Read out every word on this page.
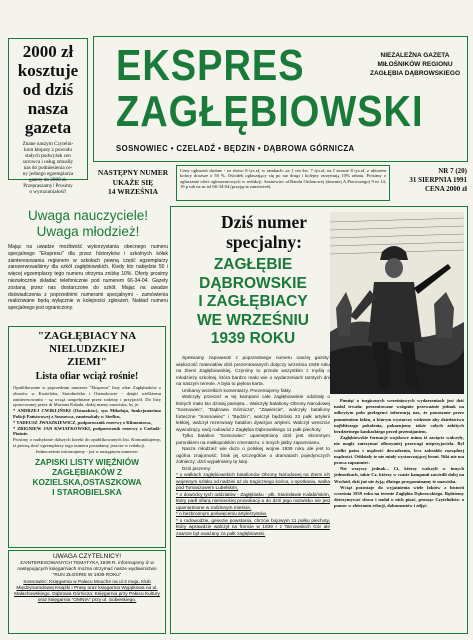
2000 zł
kosztuje
od dziś
nasza
gazeta
Znane naszym Czytelni-
kom kłopoty z powodu
stałych podwyżek cen
surowca i usług zmusiły
nas do podniesienia ce-
ny jednego egzemplarza
gazety do 2000 zł.
Przepraszamy! Prosimy
o wyrozumiałość!
EKSPRES
ZAGŁĘBIOWSKI
NIEZALEŻNA GAZETA
MIŁOŚNIKÓW REGIONU
ZAGŁĘBIA DĄBROWSKIEGO
SOSNOWIEC • CZELADŹ • BĘDZIN • DĄBROWA GÓRNICZA
NASTĘPNY NUMER
UKAŻE SIĘ
14 WRZEŚNIA
Ceny ogłoszeń drobne - za słowo 8 tys.zł, w ramkach: za 1 cm kw. 7 tys.zł, na I stronie 8 tys.zł, z ubiorem kolory droższe o 50 %. Ośrodek ogłaszający się po raz drugi i kolejny otrzymują 10% rabatu. Prosimy o zgłaszanie ofert ogłoszeniowych w redakcji. Sosnowiec ul.Bandu Ordonowej (dawniej A.Pierwszego) 9 m 14, 19 p tub na nr tel 66-34-04 (przyjęcie zamówień).
NR 7 (20)
31 SIERPNIA 1991
CENA 2000 zł
Uwaga nauczyciele!
Uwaga młodzież!
Mając na uwadze możliwość wykorzystania obecnego numeru specjalnego "Ekspresu" dla przez historyków i szkolnych kółek zainteresowania regionem w szkołach pewną część egzemplarzy zarezerwowaliśmy dla szkół zagłębiowskich. Kiedy kto nabędzie 50 i więcej egzemplarzy tego numeru otrzyma zniżkę 10%. Oferty prosimy niezwłocznie składać telefonicznie pod numerem 66-34-04. Gazety zostaną przez nas dostarczone do szkół. Mając na uwadze doświadczenia z poprzednimi numerami specjalnymi - zamówienia realizowane będą wyłącznie w kolejności zgłoszeń. Nakład numeru specjalnego jest ograniczony.
"ZAGŁĘBIACY NA
NIELUDZKIEJ
ZIEMI"
Lista ofiar wciąż rośnie!

Opublikowane w poprzednim numerze "Ekspresu" listy ofiar Zagłębiaków z obozów w Kozielsku, Starobielsku i Ostaszkowie - dzięki wielkiemu zainteresowaniu - są wciąż uzupełniane przez rodziny i przyjaciół. Do listy opracowanej przez dr Mariana Kabała, dodaj mamy nazwiska, by je:

* ANDRZEJ CWIKLIŃSKI (Ostaszków), syn Mikołaja, funkcjonariusz Policji Państwowej z Sosnowca, zamieszkały w Siedlcu,

* TADEUSZ JWASZKIEWICZ, podporucznik rezerwy z Klimontowa,

* ZBIGNIEW JAN KWIATKOWSKI, podporucznik rezerwy z Czeladź-Piaśnie.

Prosimy o nadsyłanie dalszych korekt do opublikowanych list. Komunikujemy, iż pewną ilość egzemplarzy tego numeru posiadamy jeszcze w redakcji.

Jednocześnie informujemy - już w następnym numerze:

ZAPISKI LISTY WIĘŹNIÓW
ZAGŁĘBIAKÓW Z
KOZIELSKA,OSTASZKOWA
I STAROBIELSKA
UWAGA CZYTELNICY!
ZAINTERESOWANYCH TEMATYKĄ 1939 R. informujemy iż w następujących księgarniach można otrzymać nasze wydawnictwo "RUN ZŁOŚRIE W 1939 ROKU"
Sosnowiec: Księgarnia w Pałacu Mouche na ul.3 maja, Klub Międzynarodowej Książki i Prasy oraz księgarnia Wyjątkowa na ul. Małachowskiego. Dąbrowa Górnicza: Księgarnia przy Pałacu Kultury oraz księgarnia "OMNIA" przy ul. Sobieskiego.
Dziś numer
specjalny:
ZAGŁĘBIE
DĄBROWSKIE
I ZAGŁĘBIACY
WE WRZEŚNIU
1939 ROKU

Spełniamy zapowiedź z poprzedniego numeru naszej gazety: większość materiałów dziś prezentowanych dotyczy września 1939 roku na Ziemi Zagłębiowskiej. Czynimy to przede wszystkim z myślą o młodzieży szkolnej, która bardzo mało wie o wydarzeniach tamtych dni na naszym terenie. A była to piękna karta.

Unikamy wszelkich komentarzy. Prezentujemy fakty.

Walczyły przecież w tej kampanii całe zagłębiowskie oddziały o których mało kto dzisiaj pamięta... Walczyły bataliony Obrony Narodowej "Sosnowiec", "Dąbrowa Górnicza", "Zawiercie", walczyły bataliony forteczne "Sosnowiec" i "Będzin", walczył będziński 23 pułk artylerii lekkiej, walczył rezerwowy batalion dywizjon artylerii. Walczył wreszcie wywodzący swój rodowód z Zagłębia Dąbrowskiego 11 pułk piechoty.

Tylko batalion "Sosnowiec" upamiętniony dziś jest skromnym pomnikiem na małkopolskim cmentarzu; o innych jakby zapomniano.

Nasza młodzież wie dużo o polskiej wojnie 1939 roku ale jest to ogólna znajomość; brak jej szczegółów o dramatach pojedynczych żołnierzy; dziś wypełniamy tę lukę.

Dziś piszemy:

* o walkach zagłębiowskich batalionów Obrony Narodowej na Ziemi ich wojennym szlaku od nadziei aż do tragicznego końca, o spotkaniu, walka pod Tomaszowem Lubelskim,

* o dowódcy tych oddziałów - Zagłębiaku - płk. Stanisławie Kalabińskim, który padł ofiarą niemieckiej prowokacji a do dziś jego nazwisko nie jest upamiętnione w rodzinnym mieście,

* o bezbronnym poświęceniu artylerzystów,

* o rodowodzie, genezie powstania, chrzcie bojowym 11 pułku piechoty, który wprawdzie walczył na froncie w 1939 r z Tarnowskich Gór ale zawsze był uważany za pułk zagłębiowski.

Pamięć o tragicznych wrześniowych wydarzeniach jest dziś nadal trwała: prezentowane wstępnie przeważnie jednak na odkrytym polu prelegenci informują nas, że ponoszone przez pomnieniem faktu, a którym wystarczy widzenie aby dziedzictwo najbliższego pokolenia, pokazujemy także całych zabitych bezdzietnego kaukaskiego przed przemijaniem.

Zagłębiowskie formacje wojskowe mimo iż zacięcie walczyły, nie mogły zatrzymać olbrzymiej przewagi nieprzyjaciela. Był wielki patos i mądrość dowodzenia, lecz zabrakło rozsądnej mądrości. Oddziały te nie miały wystarczającej broni. Nikt nie ma prawa zapomnieć.

Nie wszyscy jednak... Ci, którzy walczyli w innych jednostkach, takie Cz. którzy w czasie kampanii zawiedli dalej na Wschód, dziś już nie żyją; dlatego przypominamy te nazwiska.

Wciąż pozostaje do wyjaśnienia wiele faktów z historii września 1939 roku na terenie Zagłębia Dąbrowskiego. Będziemy dotrzymywać słowa i nadal o nich pisać, prosząc Czytelników o pomoc w zbieraniu relacji, dokumentów i zdjęć.
